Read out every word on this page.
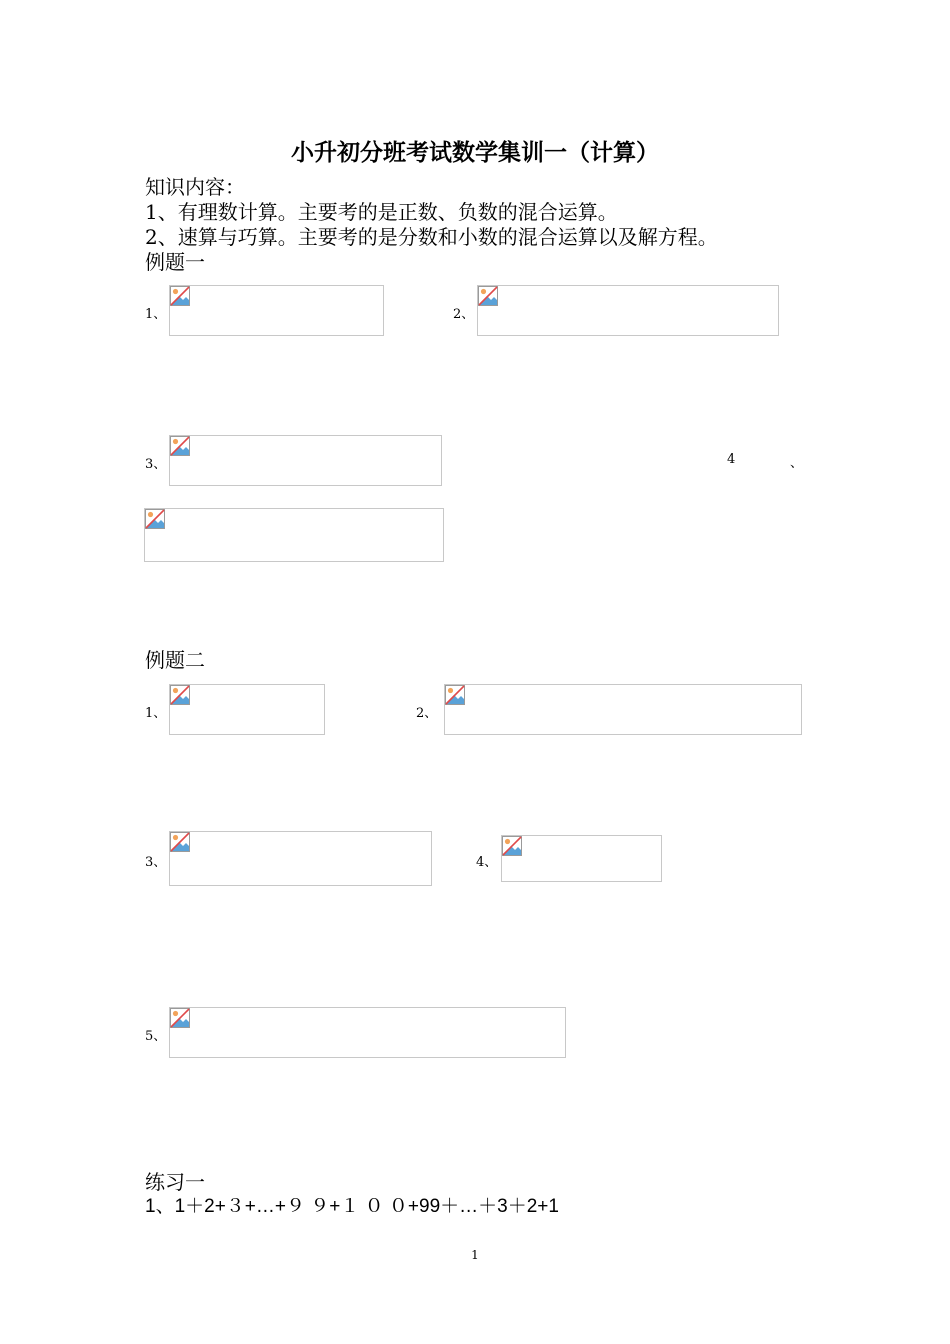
小升初分班考试数学集训一（计算）
知识内容：
1、有理数计算。主要考的是正数、负数的混合运算。
2、速算与巧算。主要考的是分数和小数的混合运算以及解方程。
例题一
1、	2、
3、	4	、
例题二
1、	2、
3、	4、
5、
练习一
1、1＋2+３+…+９ ９+１ ０ ０+99＋…＋3＋2+1
1
